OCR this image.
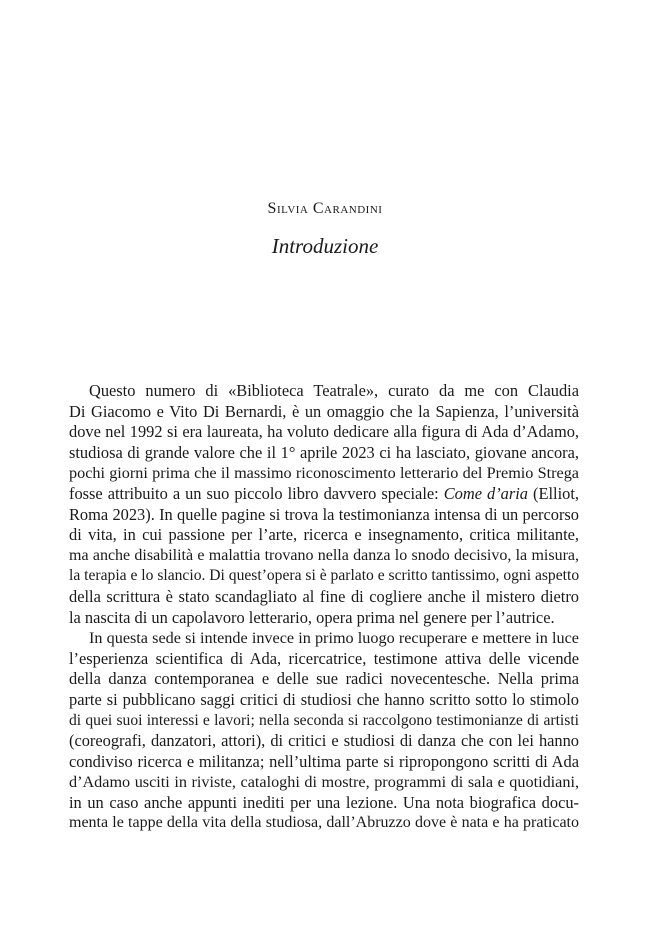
Silvia Carandini
Introduzione
Questo numero di «Biblioteca Teatrale», curato da me con Claudia
Di Giacomo e Vito Di Bernardi, è un omaggio che la Sapienza, l’università
dove nel 1992 si era laureata, ha voluto dedicare alla figura di Ada d’Adamo,
studiosa di grande valore che il 1° aprile 2023 ci ha lasciato, giovane ancora,
pochi giorni prima che il massimo riconoscimento letterario del Premio Strega
fosse attribuito a un suo piccolo libro davvero speciale: Come d’aria (Elliot,
Roma 2023). In quelle pagine si trova la testimonianza intensa di un percorso
di vita, in cui passione per l’arte, ricerca e insegnamento, critica militante,
ma anche disabilità e malattia trovano nella danza lo snodo decisivo, la misura,
la terapia e lo slancio. Di quest’opera si è parlato e scritto tantissimo, ogni aspetto
della scrittura è stato scandagliato al fine di cogliere anche il mistero dietro
la nascita di un capolavoro letterario, opera prima nel genere per l’autrice.
In questa sede si intende invece in primo luogo recuperare e mettere in luce
l’esperienza scientifica di Ada, ricercatrice, testimone attiva delle vicende
della danza contemporanea e delle sue radici novecentesche. Nella prima
parte si pubblicano saggi critici di studiosi che hanno scritto sotto lo stimolo
di quei suoi interessi e lavori; nella seconda si raccolgono testimonianze di artisti
(coreografi, danzatori, attori), di critici e studiosi di danza che con lei hanno
condiviso ricerca e militanza; nell’ultima parte si ripropongono scritti di Ada
d’Adamo usciti in riviste, cataloghi di mostre, programmi di sala e quotidiani,
in un caso anche appunti inediti per una lezione. Una nota biografica docu-
menta le tappe della vita della studiosa, dall’Abruzzo dove è nata e ha praticato
